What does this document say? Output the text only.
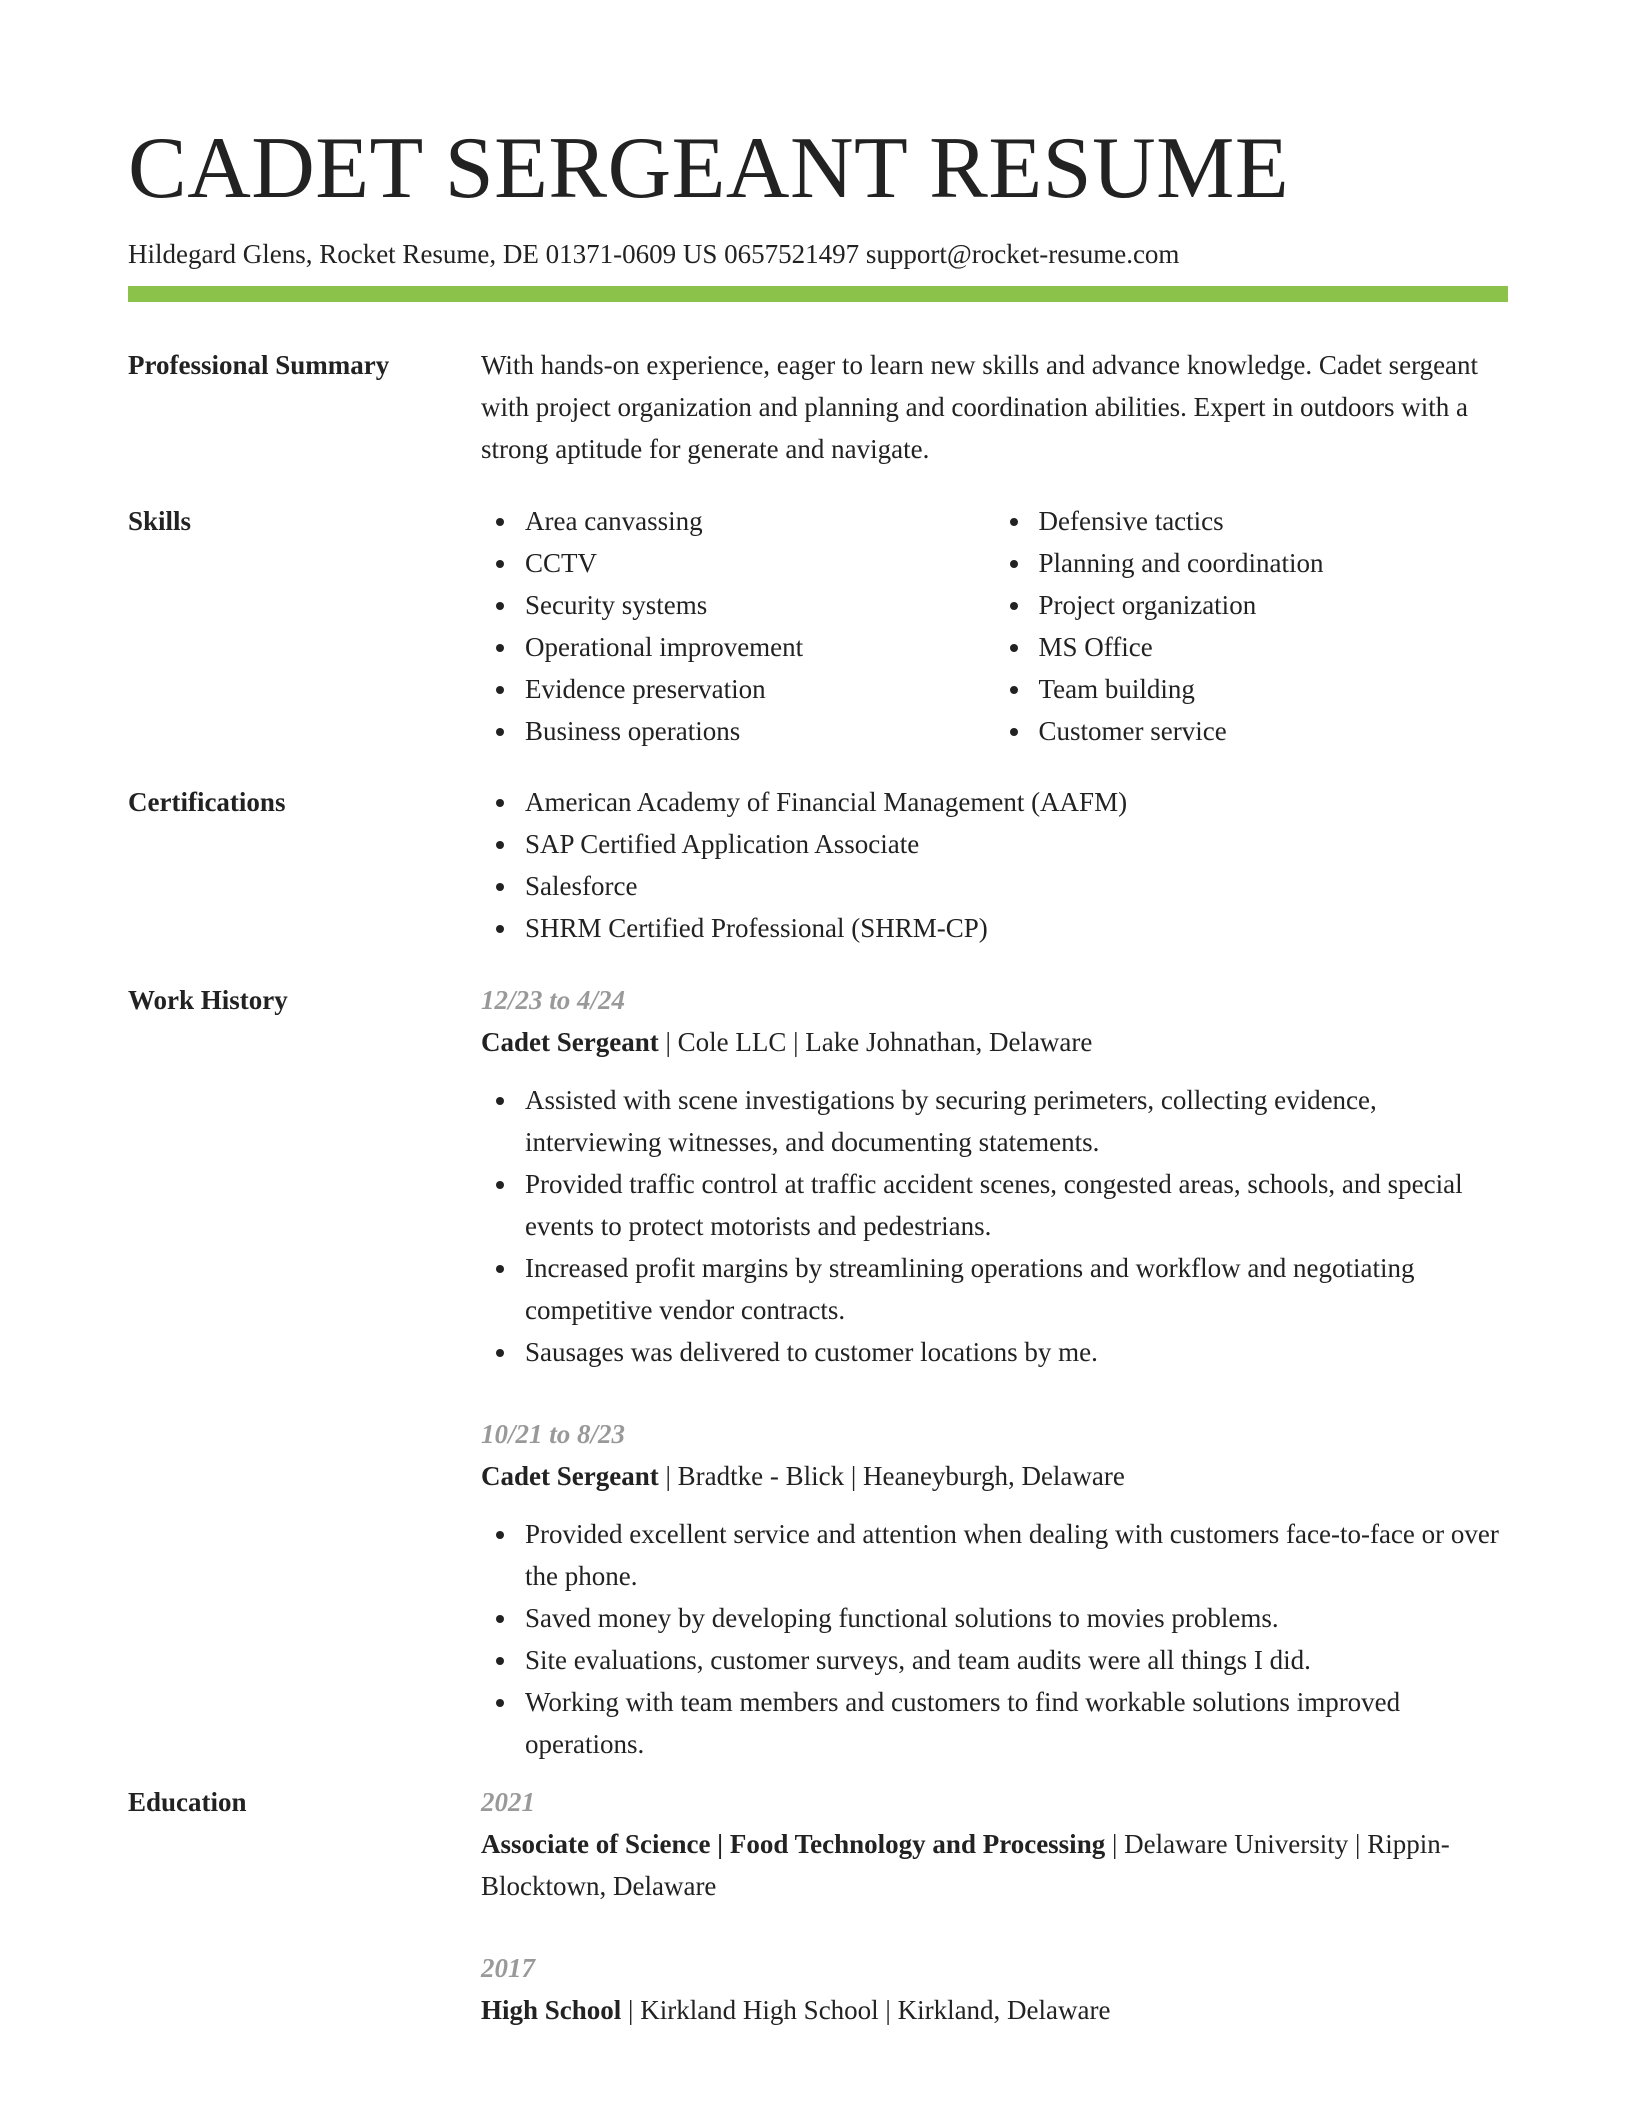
CADET SERGEANT RESUME
Hildegard Glens, Rocket Resume, DE 01371-0609 US 0657521497 support@rocket-resume.com
Professional Summary	With hands-on experience, eager to learn new skills and advance knowledge. Cadet sergeant with project organization and planning and coordination abilities. Expert in outdoors with a strong aptitude for generate and navigate.

Skills	Area canvassing
CCTV
Security systems
Operational improvement
Evidence preservation
Business operations
Defensive tactics
Planning and coordination
Project organization
MS Office
Team building
Customer service
Certifications	American Academy of Financial Management (AAFM)
SAP Certified Application Associate
Salesforce
SHRM Certified Professional (SHRM-CP)
Work History	12/23 to 4/24
Cadet Sergeant | Cole LLC | Lake Johnathan, Delaware
Assisted with scene investigations by securing perimeters, collecting evidence, interviewing witnesses, and documenting statements.
Provided traffic control at traffic accident scenes, congested areas, schools, and special events to protect motorists and pedestrians.
Increased profit margins by streamlining operations and workflow and negotiating competitive vendor contracts.
Sausages was delivered to customer locations by me.
10/21 to 8/23
Cadet Sergeant | Bradtke - Blick | Heaneyburgh, Delaware
Provided excellent service and attention when dealing with customers face-to-face or over the phone.
Saved money by developing functional solutions to movies problems.
Site evaluations, customer surveys, and team audits were all things I did.
Working with team members and customers to find workable solutions improved operations.
Education	2021
Associate of Science | Food Technology and Processing | Delaware University | Rippin-Blocktown, Delaware
2017
High School | Kirkland High School | Kirkland, Delaware
